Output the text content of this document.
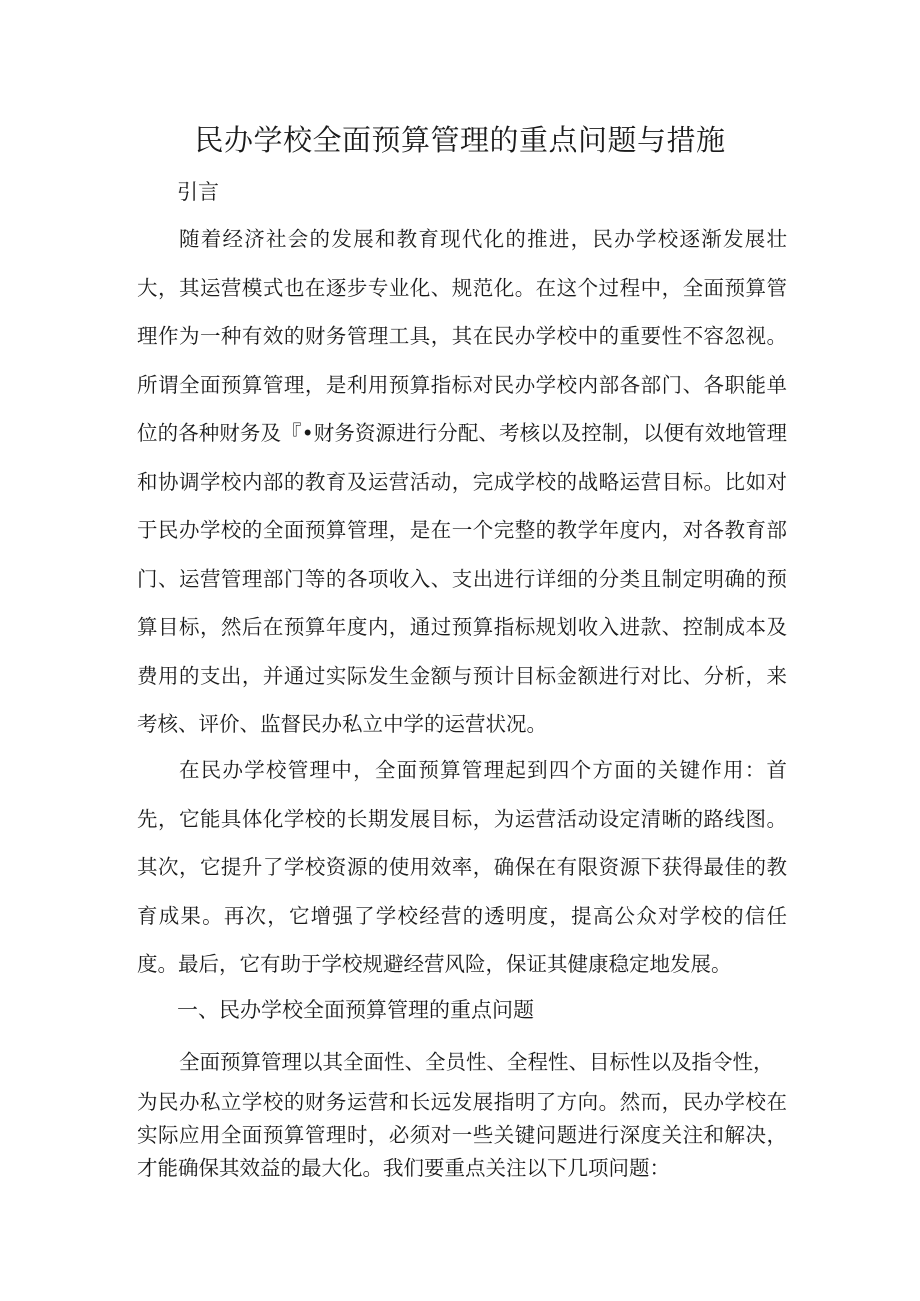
民办学校全面预算管理的重点问题与措施
引言

随着经济社会的发展和教育现代化的推进，民办学校逐渐发展壮大，其运营模式也在逐步专业化、规范化。在这个过程中，全面预算管理作为一种有效的财务管理工具，其在民办学校中的重要性不容忽视。所谓全面预算管理，是利用预算指标对民办学校内部各部门、各职能单位的各种财务及『•财务资源进行分配、考核以及控制，以便有效地管理和协调学校内部的教育及运营活动，完成学校的战略运营目标。比如对于民办学校的全面预算管理，是在一个完整的教学年度内，对各教育部门、运营管理部门等的各项收入、支出进行详细的分类且制定明确的预算目标，然后在预算年度内，通过预算指标规划收入进款、控制成本及费用的支出，并通过实际发生金额与预计目标金额进行对比、分析，来考核、评价、监督民办私立中学的运营状况。

在民办学校管理中，全面预算管理起到四个方面的关键作用：首先，它能具体化学校的长期发展目标，为运营活动设定清晰的路线图。其次，它提升了学校资源的使用效率，确保在有限资源下获得最佳的教育成果。再次，它增强了学校经营的透明度，提高公众对学校的信任度。最后，它有助于学校规避经营风险，保证其健康稳定地发展。

一、民办学校全面预算管理的重点问题

全面预算管理以其全面性、全员性、全程性、目标性以及指令性，

为民办私立学校的财务运营和长远发展指明了方向。然而，民办学校在实际应用全面预算管理时，必须对一些关键问题进行深度关注和解决，才能确保其效益的最大化。我们要重点关注以下几项问题：
